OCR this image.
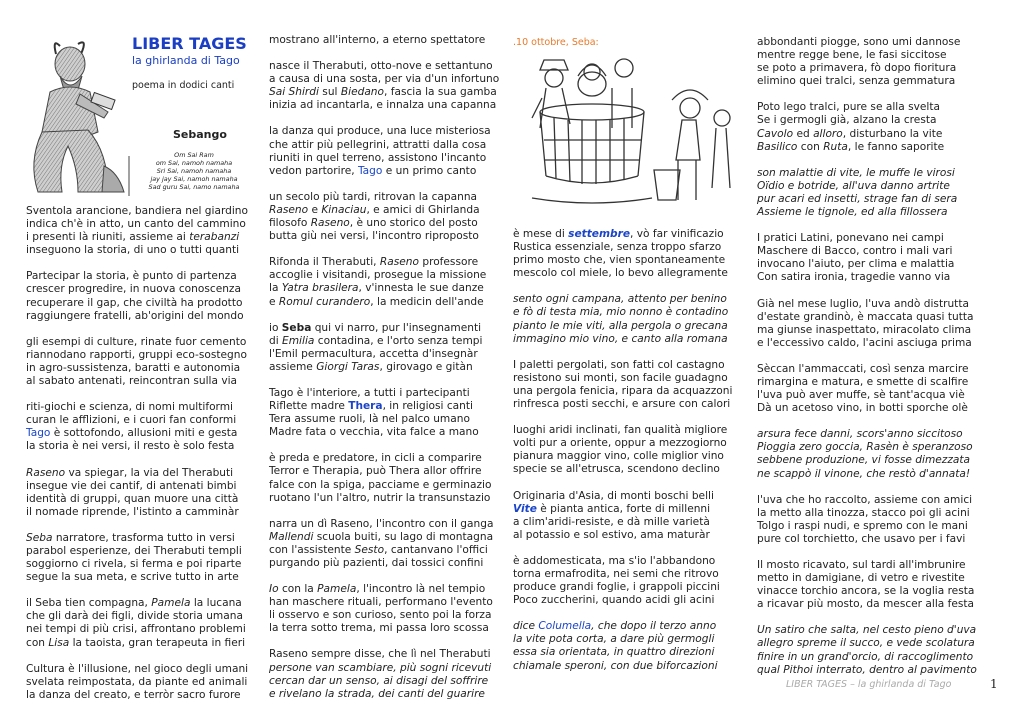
LIBER TAGES
la ghirlanda di Tago
poema in dodici canti
Sebango
Om Sai Ram
om Sai, namoh namaha
Sri Sai, namoh namaha
jay jay Sai, namoh namaha
Sad guru Sai, namo namaha

Sventola arancione, bandiera nel giardino
indica ch'è in atto, un canto del cammino
i presenti là riuniti, assieme ai terabanzi
inseguono la storia, di uno o tutti quanti

Partecipar la storia, è punto di partenza
crescer progredire, in nuova conoscenza
recuperare il gap, che civiltà ha prodotto
raggiungere fratelli, ab'origini del mondo

gli esempi di culture, rinate fuor cemento
riannodano rapporti, gruppi eco-sostegno
in agro-sussistenza, baratti e autonomia
al sabato antenati, reincontran sulla via

riti-giochi e scienza, di nomi multiformi
curan le afflizioni, e i cuori fan conformi
Tago è sottofondo, allusioni miti e gesta
la storia è nei versi, il resto è solo festa

Raseno va spiegar, la via del Therabuti
insegue vie dei cantif, di antenati bimbi
identità di gruppi, quan muore una città
il nomade riprende, l'istinto a camminàr

Seba narratore, trasforma tutto in versi
parabol esperienze, dei Therabuti templi
soggiorno ci rivela, si ferma e poi riparte
segue la sua meta, e scrive tutto in arte

il Seba tien compagna, Pamela la lucana
che gli darà dei figli, divide storia umana
nei tempi di più crisi, affrontano problemi
con Lisa la taoista, gran terapeuta in fieri

Cultura è l'illusione, nel gioco degli umani
svelata reimpostata, da piante ed animali
la danza del creato, e terròr sacro furore

mostrano all'interno, a eterno spettatore

nasce il Therabuti, otto-nove e settantuno
a causa di una sosta, per via d'un infortuno
Sai Shirdi sul Biedano, fascia la sua gamba
inizia ad incantarla, e innalza una capanna

la danza qui produce, una luce misteriosa
che attir più pellegrini, attratti dalla cosa
riuniti in quel terreno, assistono l'incanto
vedon partorire, Tago e un primo canto

un secolo più tardi, ritrovan la capanna
Raseno e Kinaciau, e amici di Ghirlanda
filosofo Raseno, è uno storico del posto
butta giù nei versi, l'incontro riproposto

Rifonda il Therabuti, Raseno professore
accoglie i visitandi, prosegue la missione
la Yatra brasilera, v'innesta le sue danze
e Romul curandero, la medicin dell'ande

io Seba qui vi narro, pur l'insegnamenti
di Emilia contadina, e l'orto senza tempi
l'Emil permacultura, accetta d'insegnàr
assieme Giorgi Taras, girovago e gitàn

Tago è l'interiore, a tutti i partecipanti
Riflette madre Thera, in religiosi canti
Tera assume ruoli, là nel palco umano
Madre fata o vecchia, vita falce a mano

è preda e predatore, in cicli a comparire
Terror e Therapia, può Thera allor offrire
falce con la spiga, pacciame e germinazio
ruotano l'un l'altro, nutrir la transunstazio

narra un dì Raseno, l'incontro con il ganga
Mallendi scuola buiti, su lago di montagna
con l'assistente Sesto, cantanvano l'offici
purgando più pazienti, dai tossici confini

Io con la Pamela, l'incontro là nel tempio
han maschere rituali, performano l'evento
li osservo e son curioso, sento poi la forza
la terra sotto trema, mi passa loro scossa

Raseno sempre disse, che lì nel Therabuti
persone van scambiare, più sogni ricevuti
cercan dar un senso, ai disagi del soffrire
e rivelano la strada, dei canti del guarire

.10 ottobre, Seba:

è mese di settembre, vò far vinificazio
Rustica essenziale, senza troppo sfarzo
primo mosto che, vien spontaneamente
mescolo col miele, lo bevo allegramente

sento ogni campana, attento per benino
e fò di testa mia, mio nonno è contadino
pianto le mie viti, alla pergola o grecana
immagino mio vino, e canto alla romana

I paletti pergolati, son fatti col castagno
resistono sui monti, son facile guadagno
una pergola fenicia, ripara da acquazzoni
rinfresca posti secchi, e arsure con calori

luoghi aridi inclinati, fan qualità migliore
volti pur a oriente, oppur a mezzogiorno
pianura maggior vino, colle miglior vino
specie se all'etrusca, scendono declino

Originaria d'Asia, di monti boschi belli
Vite è pianta antica, forte di millenni
a clim'aridi-resiste, e dà mille varietà
al potassio e sol estivo, ama maturàr

è addomesticata, ma s'io l'abbandono
torna ermafrodita, nei semi che ritrovo
produce grandi foglie, i grappoli piccini
Poco zuccherini, quando acidi gli acini

dice Columella, che dopo il terzo anno
la vite pota corta, a dare più germogli
essa sia orientata, in quattro direzioni
chiamale speroni, con due biforcazioni

abbondanti piogge, sono umi dannose
mentre regge bene, le fasi siccitose
se poto a primavera, fò dopo fioritura
elimino quei tralci, senza gemmatura

Poto lego tralci, pure se alla svelta
Se i germogli già, alzano la cresta
Cavolo ed alloro, disturbano la vite
Basilico con Ruta, le fanno saporite

son malattie di vite, le muffe le virosi
Oïdio e botride, all'uva danno artrite
pur acari ed insetti, strage fan di sera
Assieme le tignole, ed alla fillossera

I pratici Latini, ponevano nei campi
Maschere di Bacco, contro i mali vari
invocano l'aiuto, per clima e malattia
Con satira ironia, tragedie vanno via

Già nel mese luglio, l'uva andò distrutta
d'estate grandinò, è maccata quasi tutta
ma giunse inaspettato, miracolato clima
e l'eccessivo caldo, l'acini asciuga prima

Sèccan l'ammaccati, così senza marcire
rimargina e matura, e smette di scalfire
l'uva può aver muffe, sè tant'acqua viè
Dà un acetoso vino, in botti sporche olè

arsura fece danni, scors'anno siccitoso
Pioggia zero goccia, Rasèn è speranzoso
sebbene produzione, vi fosse dimezzata
ne scappò il vinone, che restò d'annata!

l'uva che ho raccolto, assieme con amici
la metto alla tinozza, stacco poi gli acini
Tolgo i raspi nudi, e spremo con le mani
pure col torchietto, che usavo per i favi

Il mosto ricavato, sul tardi all'imbrunire
metto in damigiane, di vetro e rivestite
vinacce torchio ancora, se la voglia resta
a ricavar più mosto, da mescer alla festa

Un satiro che salta, nel cesto pieno d'uva
allegro spreme il succo, e vede scolatura
finire in un grand'orcio, di raccoglimento
qual Pithoi interrato, dentro al pavimento

LIBER TAGES – la ghirlanda di Tago	1
